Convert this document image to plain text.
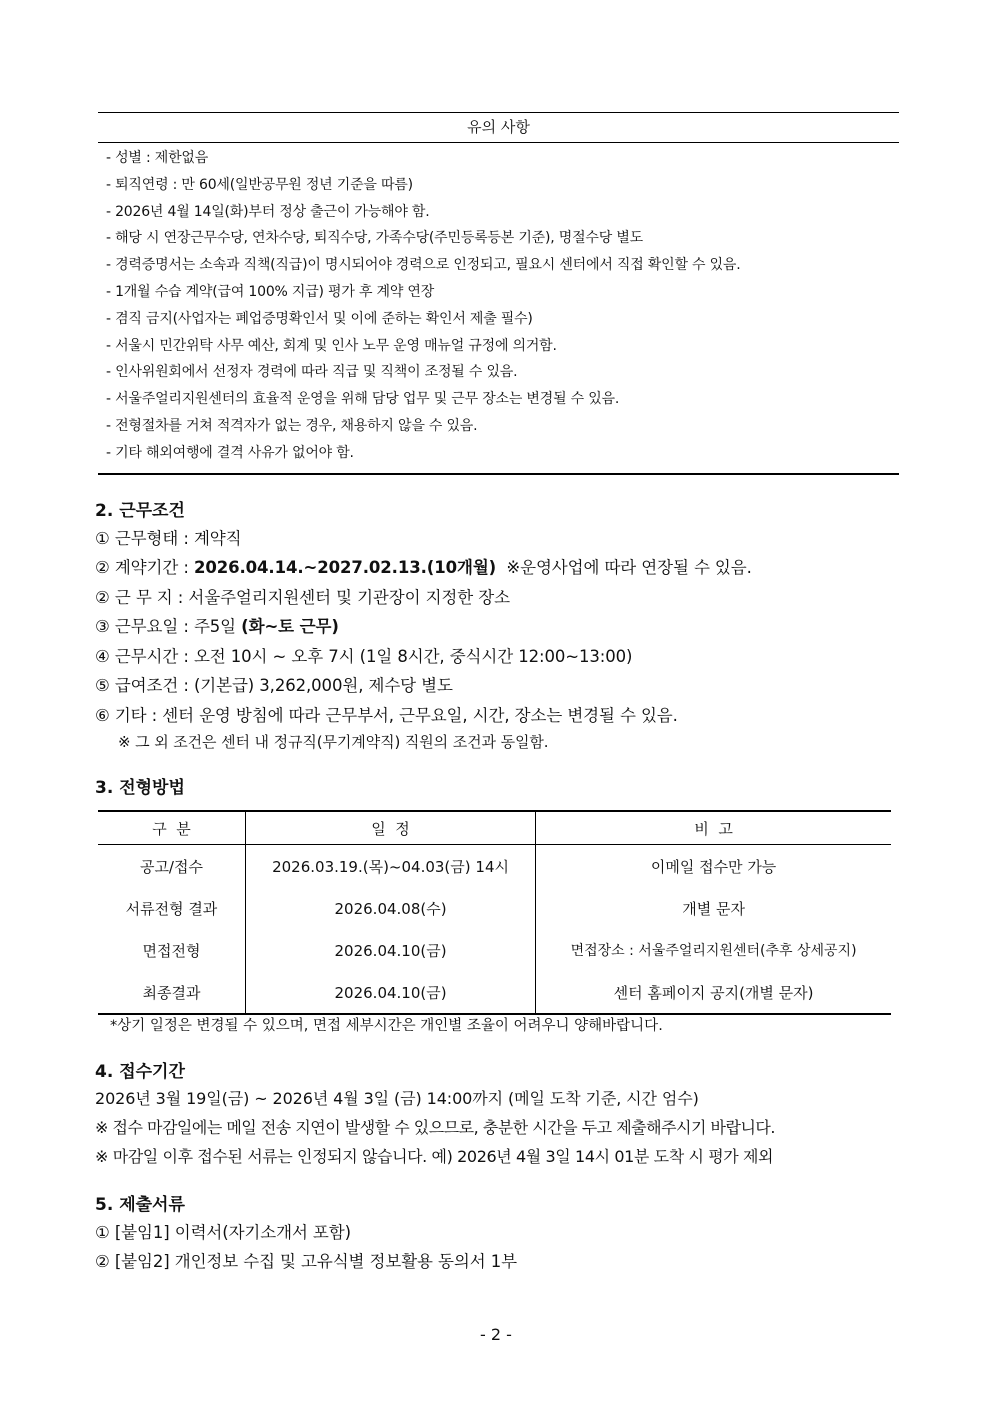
유의 사항
- 성별 : 제한없음
- 퇴직연령 : 만 60세(일반공무원 정년 기준을 따름)
- 2026년 4월 14일(화)부터 정상 출근이 가능해야 함.
- 해당 시 연장근무수당, 연차수당, 퇴직수당, 가족수당(주민등록등본 기준), 명절수당 별도
- 경력증명서는 소속과 직책(직급)이 명시되어야 경력으로 인정되고, 필요시 센터에서 직접 확인할 수 있음.
- 1개월 수습 계약(급여 100% 지급) 평가 후 계약 연장
- 겸직 금지(사업자는 폐업증명확인서 및 이에 준하는 확인서 제출 필수)
- 서울시 민간위탁 사무 예산, 회계 및 인사 노무 운영 매뉴얼 규정에 의거함.
- 인사위원회에서 선정자 경력에 따라 직급 및 직책이 조정될 수 있음.
- 서울주얼리지원센터의 효율적 운영을 위해 담당 업무 및 근무 장소는 변경될 수 있음.
- 전형절차를 거쳐 적격자가 없는 경우, 채용하지 않을 수 있음.
- 기타 해외여행에 결격 사유가 없어야 함.
2. 근무조건
① 근무형태 : 계약직
② 계약기간 : 2026.04.14.~2027.02.13.(10개월)  ※운영사업에 따라 연장될 수 있음.
② 근 무 지 : 서울주얼리지원센터 및 기관장이 지정한 장소
③ 근무요일 : 주5일 (화~토 근무)
④ 근무시간 : 오전 10시 ~ 오후 7시 (1일 8시간, 중식시간 12:00~13:00)
⑤ 급여조건 : (기본급) 3,262,000원, 제수당 별도
⑥ 기타 : 센터 운영 방침에 따라 근무부서, 근무요일, 시간, 장소는 변경될 수 있음.
※ 그 외 조건은 센터 내 정규직(무기계약직) 직원의 조건과 동일함.
3. 전형방법
구  분	일  정	비  고
공고/접수	2026.03.19.(목)~04.03(금) 14시	이메일 접수만 가능
서류전형 결과	2026.04.08(수)	개별 문자
면접전형	2026.04.10(금)	면접장소 : 서울주얼리지원센터(추후 상세공지)
최종결과	2026.04.10(금)	센터 홈페이지 공지(개별 문자)
*상기 일정은 변경될 수 있으며, 면접 세부시간은 개인별 조율이 어려우니 양해바랍니다.
4. 접수기간
2026년 3월 19일(금) ~ 2026년 4월 3일 (금) 14:00까지 (메일 도착 기준, 시간 엄수)
※ 접수 마감일에는 메일 전송 지연이 발생할 수 있으므로, 충분한 시간을 두고 제출해주시기 바랍니다.
※ 마감일 이후 접수된 서류는 인정되지 않습니다. 예) 2026년 4월 3일 14시 01분 도착 시 평가 제외
5. 제출서류
① [붙임1] 이력서(자기소개서 포함)
② [붙임2] 개인정보 수집 및 고유식별 정보활용 동의서 1부
- 2 -
